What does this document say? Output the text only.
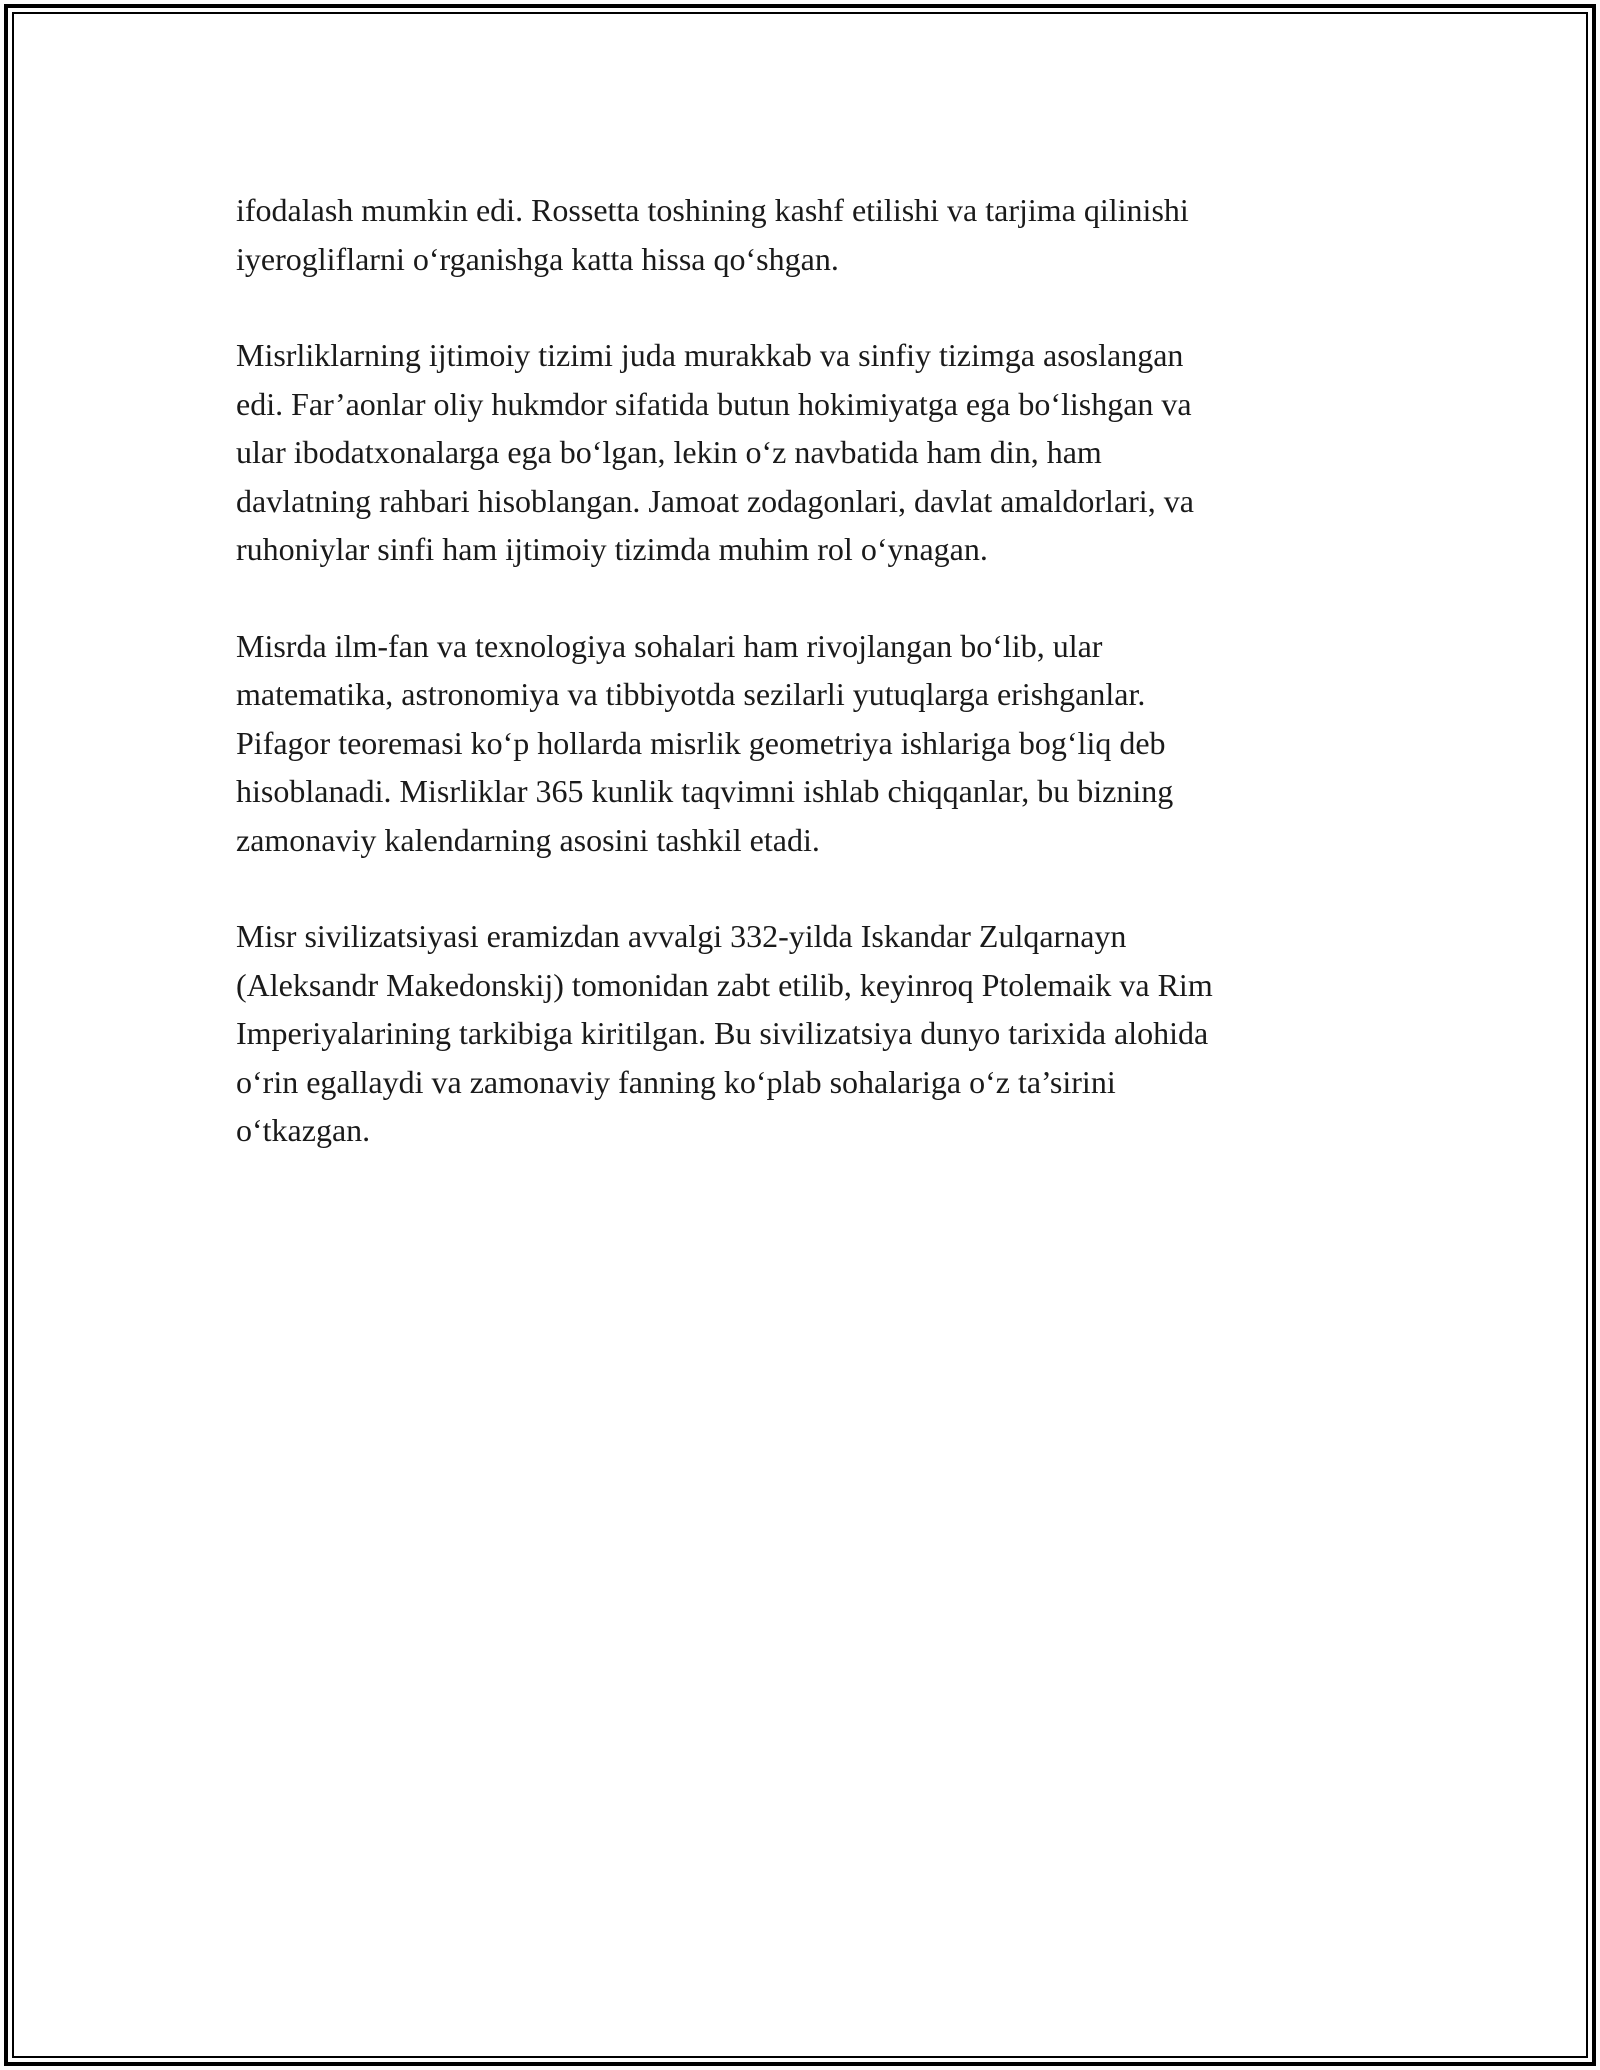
ifodalash mumkin edi. Rossetta toshining kashf etilishi va tarjima qilinishi
iyerogliflarni o‘rganishga katta hissa qo‘shgan.

Misrliklarning ijtimoiy tizimi juda murakkab va sinfiy tizimga asoslangan
edi. Far’aonlar oliy hukmdor sifatida butun hokimiyatga ega bo‘lishgan va
ular ibodatxonalarga ega bo‘lgan, lekin o‘z navbatida ham din, ham
davlatning rahbari hisoblangan. Jamoat zodagonlari, davlat amaldorlari, va
ruhoniylar sinfi ham ijtimoiy tizimda muhim rol o‘ynagan.

Misrda ilm-fan va texnologiya sohalari ham rivojlangan bo‘lib, ular
matematika, astronomiya va tibbiyotda sezilarli yutuqlarga erishganlar.
Pifagor teoremasi ko‘p hollarda misrlik geometriya ishlariga bog‘liq deb
hisoblanadi. Misrliklar 365 kunlik taqvimni ishlab chiqqanlar, bu bizning
zamonaviy kalendarning asosini tashkil etadi.

Misr sivilizatsiyasi eramizdan avvalgi 332-yilda Iskandar Zulqarnayn
(Aleksandr Makedonskij) tomonidan zabt etilib, keyinroq Ptolemaik va Rim
Imperiyalarining tarkibiga kiritilgan. Bu sivilizatsiya dunyo tarixida alohida
o‘rin egallaydi va zamonaviy fanning ko‘plab sohalariga o‘z ta’sirini
o‘tkazgan.
